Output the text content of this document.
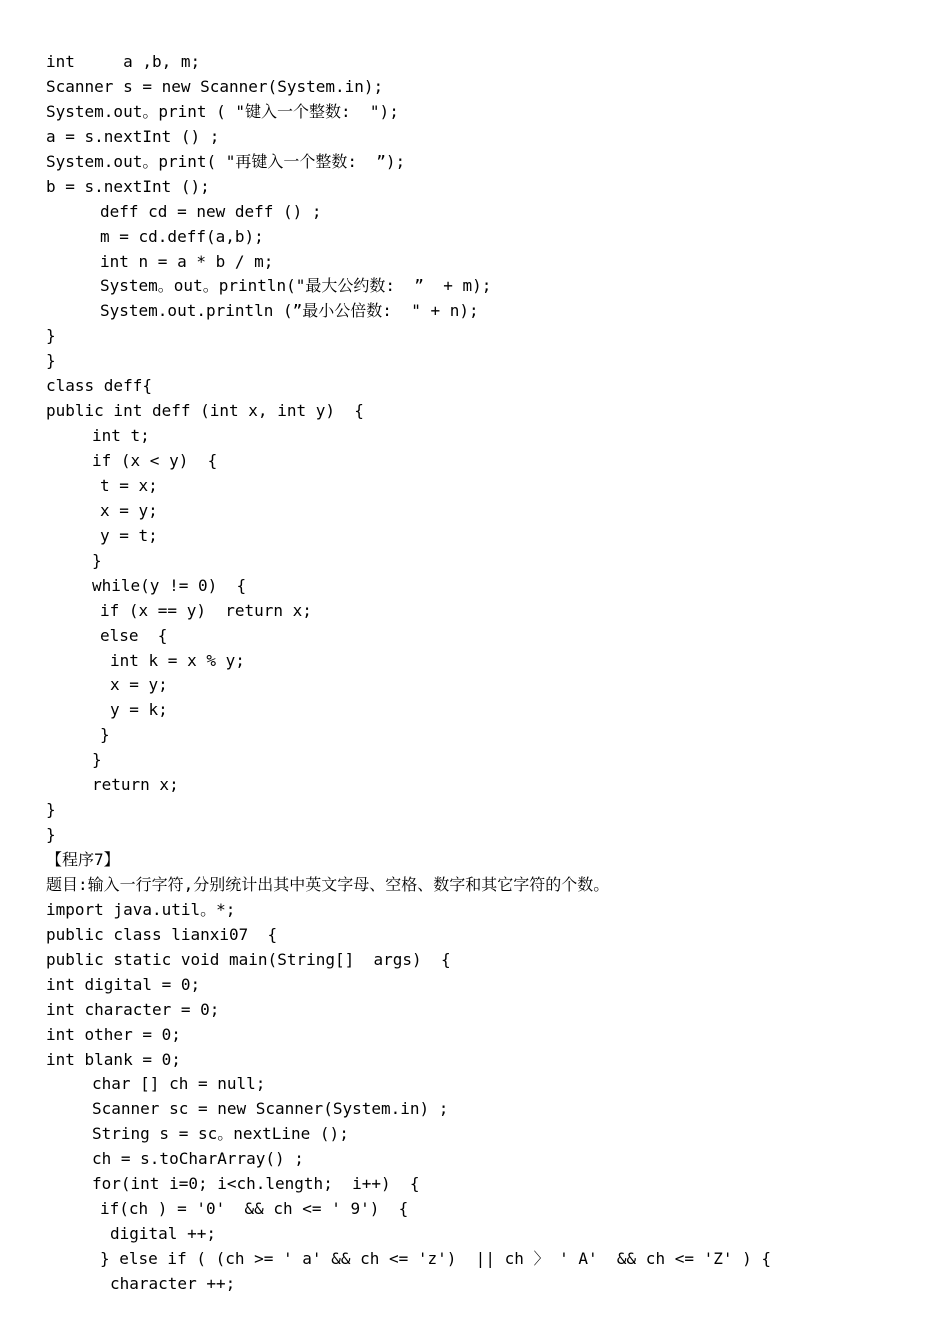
int     a ,b, m;
Scanner s = new Scanner(System.in);
System.out。print ( "键入一个整数:  ");
a = s.nextInt () ;
System.out。print( "再键入一个整数:  ”);
b = s.nextInt ();
deff cd = new deff () ;
m = cd.deff(a,b);
int n = a * b / m;
System。out。println("最大公约数:  ”  + m);
System.out.println (”最小公倍数:  " + n);
}
}
class deff{
public int deff (int x, int y)  {
int t;
if (x < y)  {
t = x;
x = y;
y = t;
}
while(y != 0)  {
if (x == y)  return x;
else  {
int k = x % y;
x = y;
y = k;
}
}
return x;
}
}
【程序7】
题目:输入一行字符,分别统计出其中英文字母、空格、数字和其它字符的个数。
import java.util。*;
public class lianxi07  {
public static void main(String[]  args)  {
int digital = 0;
int character = 0;
int other = 0;
int blank = 0;
char [] ch = null;
Scanner sc = new Scanner(System.in) ;
String s = sc。nextLine ();
ch = s.toCharArray() ;
for(int i=0; i<ch.length;  i++)  {
if(ch ) = '0'  && ch <= ' 9')  {
digital ++;
} else if ( (ch >= ' a' && ch <= 'z')  || ch 〉 ' A'  && ch <= 'Z' ) {
character ++;
